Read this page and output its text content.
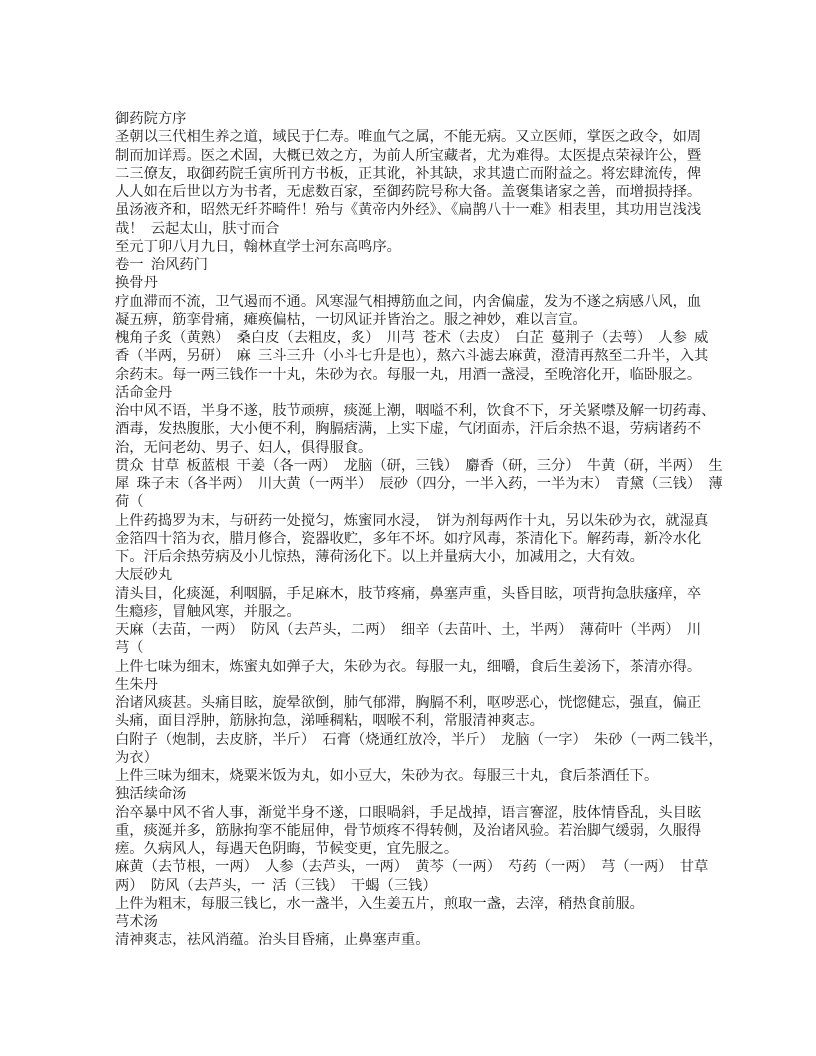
御药院方序
圣朝以三代相生养之道，域民于仁寿。唯血气之属，不能无病。又立医师，掌医之政令，如周
制而加详焉。医之术固，大概已效之方，为前人所宝藏者，尤为难得。太医提点荣禄许公，暨
二三僚友，取御药院壬寅所刊方书板，正其讹，补其缺，求其遗亡而附益之。将宏肆流传，俾
人人如在后世以方为书者，无虑数百家，至御药院号称大备。盖褒集诸家之善，而增损持择。
虽汤液齐和，昭然无纤芥畸件！殆与《黄帝内外经》、《扁鹊八十一难》相表里，其功用岂浅浅
哉！  云起太山，肤寸而合
至元丁卯八月九日，翰林直学士河东高鸣序。
卷一  治风药门
换骨丹
疗血滞而不流，卫气遏而不通。风寒湿气相搏筋血之间，内舍偏虚，发为不遂之病感八风，血
凝五痹，筋挛骨痛，瘫痪偏枯，一切风证并皆治之。服之神妙，难以言宣。
槐角子炙（黄熟）  桑白皮（去粗皮，炙）  川芎  苍术（去皮）  白芷  蔓荆子（去萼）  人参  威
香（半两，另研）  麻  三斗三升（小斗七升是也），熬六斗滤去麻黄，澄清再熬至二升半，入其
余药末。每一两三钱作一十丸，朱砂为衣。每服一丸，用酒一盏浸，至晚溶化开，临卧服之。
活命金丹
治中风不语，半身不遂，肢节顽痹，痰涎上潮，咽嗌不利，饮食不下，牙关紧噤及解一切药毒、
酒毒，发热腹胀，大小便不利，胸膈痞满，上实下虚，气闭面赤，汗后余热不退，劳病诸药不
治，无问老幼、男子、妇人，俱得服食。
贯众  甘草  板蓝根  干姜（各一两）  龙脑（研，三钱）  麝香（研，三分）  牛黄（研，半两）  生
犀  珠子末（各半两）  川大黄（一两半）  辰砂（四分，一半入药，一半为末）  青黛（三钱）  薄
荷（
上件药捣罗为末，与研药一处搅匀，炼蜜同水浸，  饼为剂每两作十丸，另以朱砂为衣，就湿真
金箔四十箔为衣，腊月修合，瓷器收贮，多年不坏。如疗风毒，茶清化下。解药毒，新冷水化
下。汗后余热劳病及小儿惊热，薄荷汤化下。以上并量病大小，加减用之，大有效。
大辰砂丸
清头目，化痰涎，利咽膈，手足麻木，肢节疼痛，鼻塞声重，头昏目眩，项背拘急肤瘙痒，卒
生瘾疹，冒触风寒，并服之。
天麻（去苗，一两）  防风（去芦头，二两）  细辛（去苗叶、土，半两）  薄荷叶（半两）  川
芎（
上件七味为细末，炼蜜丸如弹子大，朱砂为衣。每服一丸，细嚼，食后生姜汤下，茶清亦得。
生朱丹
治诸风痰甚。头痛目眩，旋晕欲倒，肺气郁滞，胸膈不利，呕哕恶心，恍惚健忘，强直，偏正
头痛，面目浮肿，筋脉拘急，涕唾稠粘，咽喉不利，常服清神爽志。
白附子（炮制，去皮脐，半斤）  石膏（烧通红放冷，半斤）  龙脑（一字）  朱砂（一两二钱半，
为衣）
上件三味为细末，烧粟米饭为丸，如小豆大，朱砂为衣。每服三十丸，食后茶酒任下。
独活续命汤
治卒暴中风不省人事，渐觉半身不遂，口眼喎斜，手足战掉，语言謇涩，肢体情昏乱，头目眩
重，痰涎并多，筋脉拘挛不能屈伸，骨节烦疼不得转侧，及治诸风验。若治脚气缓弱，久服得
瘥。久病风人，每遇天色阴晦，节候变更，宜先服之。
麻黄（去节根，一两）  人参（去芦头，一两）  黄芩（一两）  芍药（一两）  芎（一两）  甘草
两）  防风（去芦头，一  活（三钱）  干蝎（三钱）
上件为粗末，每服三钱匕，水一盏半，入生姜五片，煎取一盏，去滓，稍热食前服。
芎术汤
清神爽志，祛风消蕴。治头目昏痛，止鼻塞声重。
